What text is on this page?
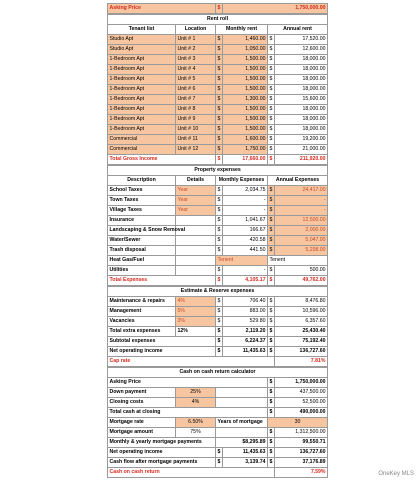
Asking Price	$	1,750,000.00
Rent roll					
Tenant list	Location	Monthly rent		Annual rent	
Studio Apt	Unit # 1	$	1,460.00	$	17,520.00
Studio Apt	Unit # 2	$	1,050.00	$	12,600.00
1-Bedroom Apt	Unit # 3	$	1,500.00	$	18,000.00
1-Bedroom Apt	Unit # 4	$	1,500.00	$	18,000.00
1-Bedroom Apt	Unit # 5	$	1,500.00	$	18,000.00
1-Bedroom Apt	Unit # 6	$	1,500.00	$	18,000.00
1-Bedroom Apt	Unit # 7	$	1,300.00	$	15,600.00
1-Bedroom Apt	Unit # 8	$	1,500.00	$	18,000.00
1-Bedroom Apt	Unit # 9	$	1,500.00	$	18,000.00
1-Bedroom Apt	Unit # 10	$	1,500.00	$	18,000.00
Commercial	Unit # 11	$	1,600.00	$	19,200.00
Commercial	Unit # 12	$	1,750.00	$	21,000.00
Total Gross Income		$	17,660.00	$	211,920.00
Property expenses					
Description	Details	Monthly Expenses		Annual Expenses	
School Taxes	Year	$	2,034.75	$	24,417.00
Town Taxes	Year	$	-	$	-
Village Taxes	Year	$	-	$	-
Insurance		$	1,041.67	$	12,500.00
Landscaping & Snow Removal		$	166.67	$	2,000.00
Water/Sewer		$	420.58	$	5,047.00
Trash disposal		$	441.50	$	5,298.00
Heat Gas/Fuel		Tenent		Tenent	
Utilities		$	-	$	500.00
Total Expenses		$	4,105.17	$	49,762.00
Estimate & Reserve expenses					
Maintenance & repairs	4%	$	706.40	$	8,476.80
Management	5%	$	883.00	$	10,596.00
Vacancies	3%	$	529.80	$	6,357.60
Total extra expenses	12%	$	2,119.20	$	25,430.40
Subtotal expenses		$	6,224.37	$	75,192.40
Net operating income		$	11,435.63	$	136,727.60
Cap rate					7.81%
Cash on cash return calculator					
Asking Price				$	1,750,000.00
Down payment	25%			$	437,500.00
Closing costs	4%			$	52,500.00
Total cash at closing				$	490,000.00
Mortgage rate	6.50%	Years of mortgage		30	
Mortgage amount	75%			$	1,312,500.00
Monthly & yearly mortgage payments		$8,295.89		$	99,550.71
Net operating income		$	11,435.63	$	136,727.60
Cash flow after mortgage payments		$	3,139.74	$	37,176.89
Cash on cash return					7.59%	OneKey MLS
